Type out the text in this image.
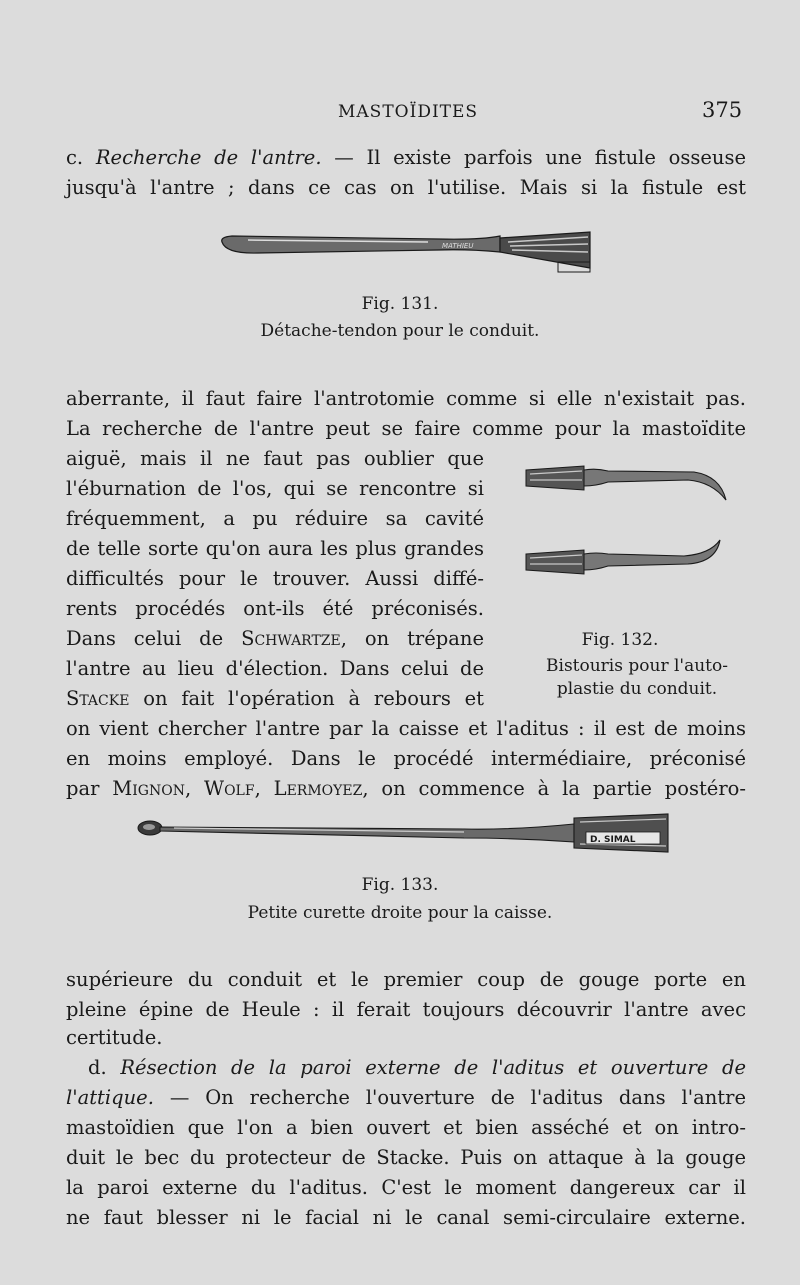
MASTOÏDITES	375
c. Recherche de l'antre. — Il existe parfois une fistule osseuse
jusqu'à l'antre ; dans ce cas on l'utilise. Mais si la fistule est
MATHIEU
Fig. 131.
Détache-tendon pour le conduit.
aberrante, il faut faire l'antrotomie comme si elle n'existait pas.
La recherche de l'antre peut se faire comme pour la mastoïdite
aiguë, mais il ne faut pas oublier que
l'éburnation de l'os, qui se rencontre si
fréquemment, a pu réduire sa cavité
de telle sorte qu'on aura les plus grandes
difficultés pour le trouver. Aussi diffé-
rents procédés ont-ils été préconisés.
Dans celui de Schwartze, on trépane
l'antre au lieu d'élection. Dans celui de
Stacke on fait l'opération à rebours et
on vient chercher l'antre par la caisse et l'aditus : il est de moins
en moins employé. Dans le procédé intermédiaire, préconisé
par Mignon, Wolf, Lermoyez, on commence à la partie postéro-
Fig. 132.
Bistouris pour l'auto-
plastie du conduit.
D. SIMAL
Fig. 133.
Petite curette droite pour la caisse.
supérieure du conduit et le premier coup de gouge porte en
pleine épine de Heule : il ferait toujours découvrir l'antre avec
certitude.
d. Résection de la paroi externe de l'aditus et ouverture de
l'attique. — On recherche l'ouverture de l'aditus dans l'antre
mastoïdien que l'on a bien ouvert et bien asséché et on intro-
duit le bec du protecteur de Stacke. Puis on attaque à la gouge
la paroi externe du l'aditus. C'est le moment dangereux car il
ne faut blesser ni le facial ni le canal semi-circulaire externe.
